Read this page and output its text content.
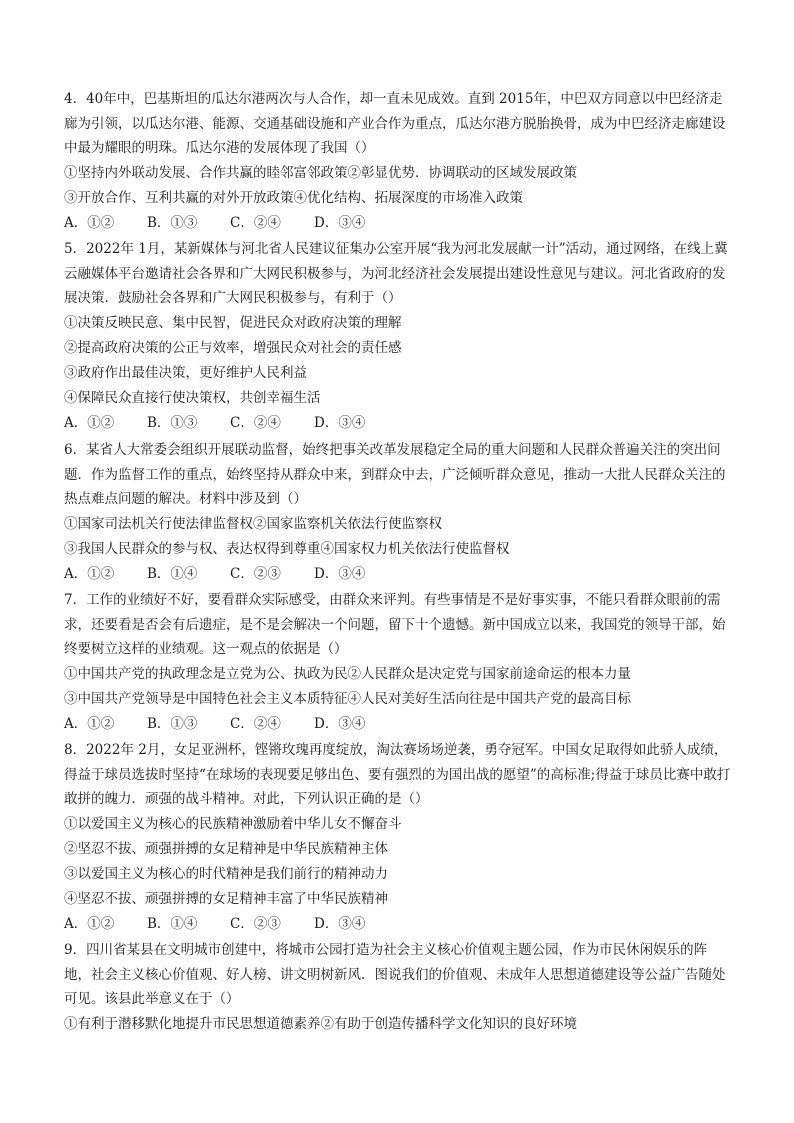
4．40年中，巴基斯坦的瓜达尔港两次与人合作，却一直未见成效。直到 2015年，中巴双方同意以中巴经济走廊为引领，以瓜达尔港、能源、交通基础设施和产业合作为重点，瓜达尔港方脱胎换骨，成为中巴经济走廊建设中最为耀眼的明珠。瓜达尔港的发展体现了我国（）

①坚持内外联动发展、合作共赢的睦邻富邻政策②彰显优势．协调联动的区域发展政策

③开放合作、互利共赢的对外开放政策④优化结构、拓展深度的市场准入政策

A．①② B．①③ C．②④ D．③④

5．2022年 1月，某新媒体与河北省人民建议征集办公室开展“我为河北发展献一计”活动，通过网络，在线上冀云融媒体平台邀请社会各界和广大网民积极参与，为河北经济社会发展提出建设性意见与建议。河北省政府的发展决策．鼓励社会各界和广大网民积极参与，有利于（）

①决策反映民意、集中民智，促进民众对政府决策的理解

②提高政府决策的公正与效率，增强民众对社会的责任感

③政府作出最佳决策，更好维护人民利益

④保障民众直接行使决策权，共创幸福生活

A．①② B．①③ C．②④ D．③④

6．某省人大常委会组织开展联动监督，始终把事关改革发展稳定全局的重大问题和人民群众普遍关注的突出问题．作为监督工作的重点，始终坚持从群众中来，到群众中去，广泛倾听群众意见，推动一大批人民群众关注的热点难点问题的解决。材料中涉及到（）

①国家司法机关行使法律监督权②国家监察机关依法行使监察权

③我国人民群众的参与权、表达权得到尊重④国家权力机关依法行使监督权

A．①② B．①④ C．②③ D．③④

7．工作的业绩好不好，要看群众实际感受，由群众来评判。有些事情是不是好事实事，不能只看群众眼前的需求，还要看是否会有后遗症，是不是会解决一个问题，留下十个遗憾。新中国成立以来，我国党的领导干部，始终要树立这样的业绩观。这一观点的依据是（）

①中国共产党的执政理念是立党为公、执政为民②人民群众是决定党与国家前途命运的根本力量

③中国共产党领导是中国特色社会主义本质特征④人民对美好生活向往是中国共产党的最高目标

A．①② B．①③ C．②④ D．③④

8．2022年 2月，女足亚洲杯，铿锵玫瑰再度绽放，淘汰赛场场逆袭，勇夺冠军。中国女足取得如此骄人成绩，得益于球员选拔时坚持“在球场的表现要足够出色、要有强烈的为国出战的愿望”的高标准;得益于球员比赛中敢打敢拼的魄力．顽强的战斗精神。对此，下列认识正确的是（）

①以爱国主义为核心的民族精神激励着中华儿女不懈奋斗

②坚忍不拔、顽强拼搏的女足精神是中华民族精神主体

③以爱国主义为核心的时代精神是我们前行的精神动力

④坚忍不拔、顽强拼搏的女足精神丰富了中华民族精神

A．①② B．①④ C．②③ D．③④

9．四川省某县在文明城市创建中，将城市公园打造为社会主义核心价值观主题公园，作为市民休闲娱乐的阵地，社会主义核心价值观、好人榜、讲文明树新风．图说我们的价值观、未成年人思想道德建设等公益广告随处可见。该县此举意义在于（）

①有利于潜移默化地提升市民思想道德素养②有助于创造传播科学文化知识的良好环境
